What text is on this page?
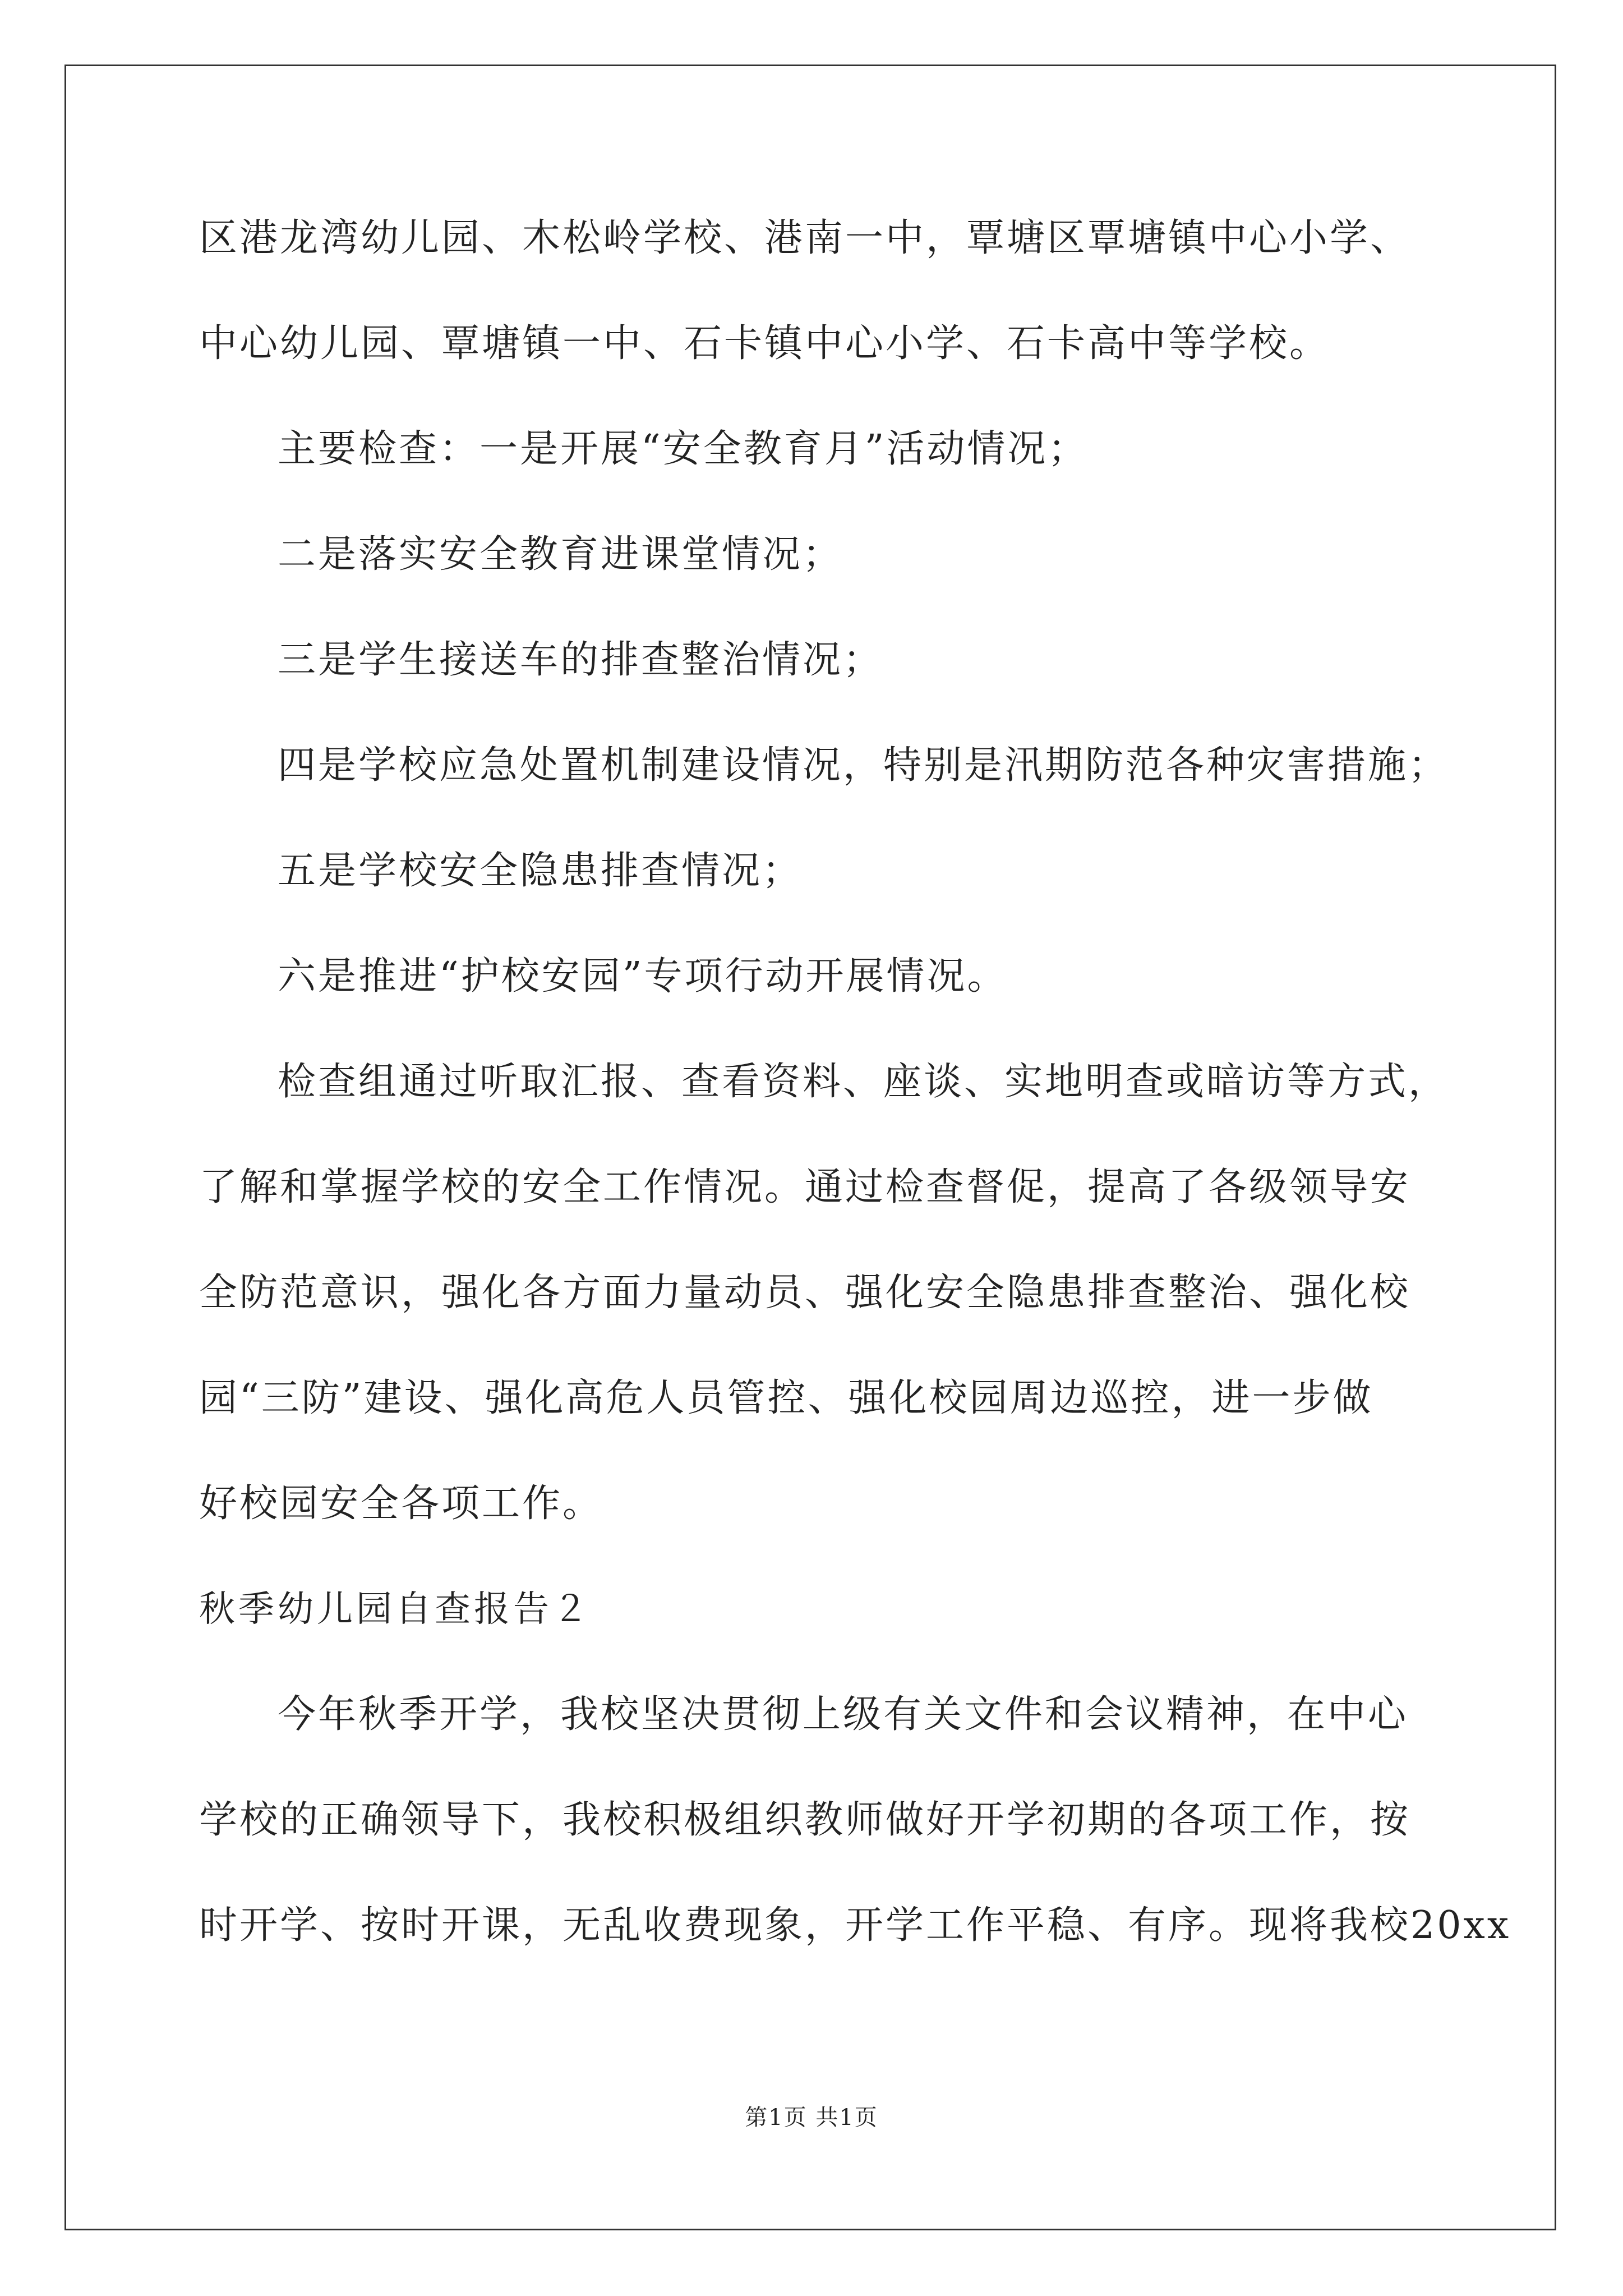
区港龙湾幼儿园、木松岭学校、港南一中，覃塘区覃塘镇中心小学、
中心幼儿园、覃塘镇一中、石卡镇中心小学、石卡高中等学校。
主要检查：一是开展“安全教育月”活动情况；
二是落实安全教育进课堂情况；
三是学生接送车的排查整治情况；
四是学校应急处置机制建设情况，特别是汛期防范各种灾害措施；
五是学校安全隐患排查情况；
六是推进“护校安园”专项行动开展情况。
检查组通过听取汇报、查看资料、座谈、实地明查或暗访等方式，
了解和掌握学校的安全工作情况。通过检查督促，提高了各级领导安
全防范意识，强化各方面力量动员、强化安全隐患排查整治、强化校
园“三防”建设、强化高危人员管控、强化校园周边巡控，进一步做
好校园安全各项工作。
秋季幼儿园自查报告２
今年秋季开学，我校坚决贯彻上级有关文件和会议精神，在中心
学校的正确领导下，我校积极组织教师做好开学初期的各项工作，按
时开学、按时开课，无乱收费现象，开学工作平稳、有序。现将我校20xx
第1页 共1页
